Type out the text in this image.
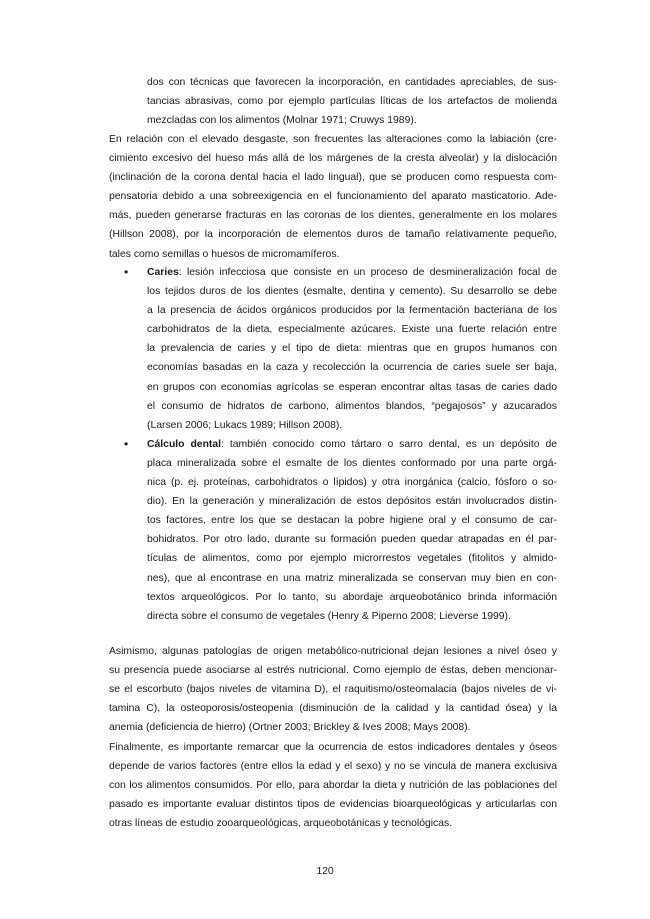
dos con técnicas que favorecen la incorporación, en cantidades apreciables, de sus-
tancias abrasivas, como por ejemplo partículas líticas de los artefactos de molienda
mezcladas con los alimentos (Molnar 1971; Cruwys 1989).
En relación con el elevado desgaste, son frecuentes las alteraciones como la labiación (cre-
cimiento excesivo del hueso más allá de los márgenes de la cresta alveolar) y la dislocación
(inclinación de la corona dental hacia el lado lingual), que se producen como respuesta com-
pensatoria debido a una sobreexigencia en el funcionamiento del aparato masticatorio. Ade-
más, pueden generarse fracturas en las coronas de los dientes, generalmente en los molares
(Hillson 2008), por la incorporación de elementos duros de tamaño relativamente pequeño,
tales como semillas o huesos de micromamíferos.
• Caries: lesión infecciosa que consiste en un proceso de desmineralización focal de
los tejidos duros de los dientes (esmalte, dentina y cemento). Su desarrollo se debe
a la presencia de ácidos orgánicos producidos por la fermentación bacteriana de los
carbohidratos de la dieta, especialmente azúcares. Existe una fuerte relación entre
la prevalencia de caries y el tipo de dieta: mientras que en grupos humanos con
economías basadas en la caza y recolección la ocurrencia de caries suele ser baja,
en grupos con economías agrícolas se esperan encontrar altas tasas de caries dado
el consumo de hidratos de carbono, alimentos blandos, “pegajosos” y azucarados
(Larsen 2006; Lukacs 1989; Hillson 2008).
• Cálculo dental: también conocido como tártaro o sarro dental, es un depósito de
placa mineralizada sobre el esmalte de los dientes conformado por una parte orgá-
nica (p. ej. proteínas, carbohidratos o lípidos) y otra inorgánica (calcio, fósforo o so-
dio). En la generación y mineralización de estos depósitos están involucrados distin-
tos factores, entre los que se destacan la pobre higiene oral y el consumo de car-
bohidratos. Por otro lado, durante su formación pueden quedar atrapadas en él par-
tículas de alimentos, como por ejemplo microrrestos vegetales (fitolitos y almido-
nes), que al encontrase en una matriz mineralizada se conservan muy bien en con-
textos arqueológicos. Por lo tanto, su abordaje arqueobotánico brinda información
directa sobre el consumo de vegetales (Henry & Piperno 2008; Lieverse 1999).
Asimismo, algunas patologías de origen metabólico-nutricional dejan lesiones a nivel óseo y
su presencia puede asociarse al estrés nutricional. Como ejemplo de éstas, deben mencionar-
se el escorbuto (bajos niveles de vitamina D), el raquitismo/osteomalacia (bajos niveles de vi-
tamina C), la osteoporosis/osteopenia (disminución de la calidad y la cantidad ósea) y la
anemia (deficiencia de hierro) (Ortner 2003; Brickley & Ives 2008; Mays 2008).
Finalmente, es importante remarcar que la ocurrencia de estos indicadores dentales y óseos
depende de varios factores (entre ellos la edad y el sexo) y no se vincula de manera exclusiva
con los alimentos consumidos. Por ello, para abordar la dieta y nutrición de las poblaciones del
pasado es importante evaluar distintos tipos de evidencias bioarqueológicas y articularlas con
otras líneas de estudio zooarqueológicas, arqueobotánicas y tecnológicas.
120
